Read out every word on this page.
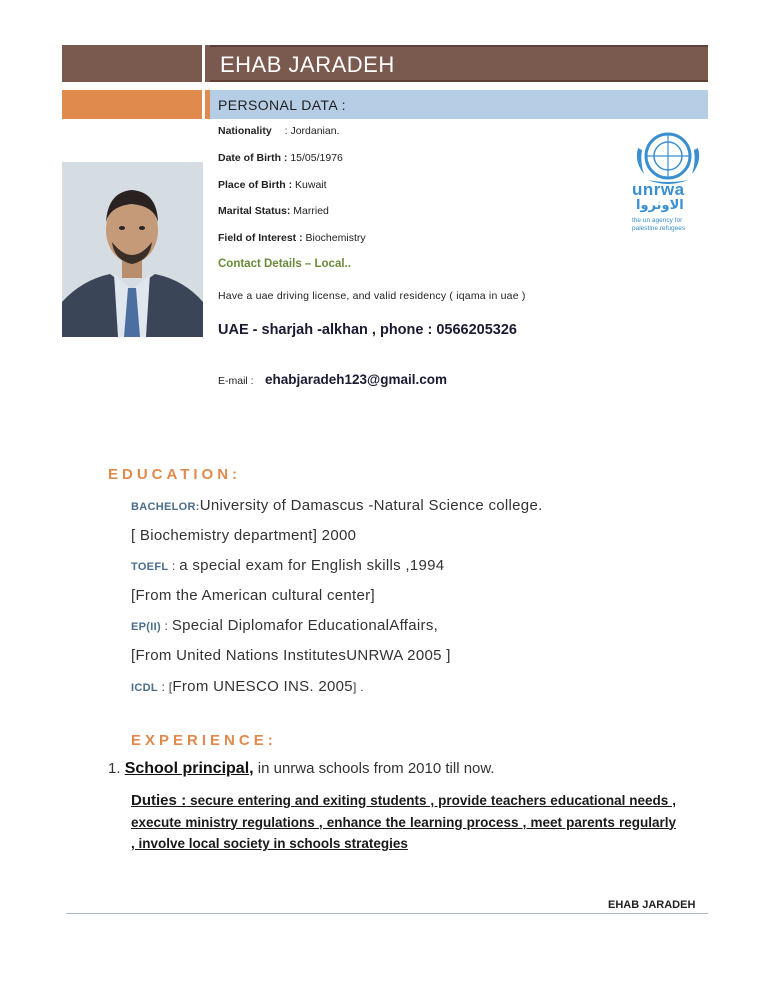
EHAB JARADEH
PERSONAL DATA :
Nationality : Jordanian.
Date of Birth : 15/05/1976
Place of Birth : Kuwait
Marital Status: Married
Field of Interest : Biochemistry
Contact Details – Local..
Have a uae driving license, and valid residency ( iqama in uae )
UAE - sharjah -alkhan , phone : 0566205326
E-mail : ehabjaradeh123@gmail.com
unrwa
الاونروا
the un agency for
palestine refugees
EDUCATION:
BACHELOR:University of Damascus -Natural Science college.
[ Biochemistry department] 2000
TOEFL : a special exam for English skills ,1994
[From the American cultural center]
EP(II) : Special Diplomafor EducationalAffairs,
[From United Nations InstitutesUNRWA 2005 ]
ICDL : [From UNESCO INS. 2005] .
EXPERIENCE:
1. School principal, in unrwa schools from 2010 till now.
Duties : secure entering and exiting students , provide teachers educational needs , execute ministry regulations , enhance the learning process , meet parents regularly , involve local society in schools strategies
EHAB JARADEH
